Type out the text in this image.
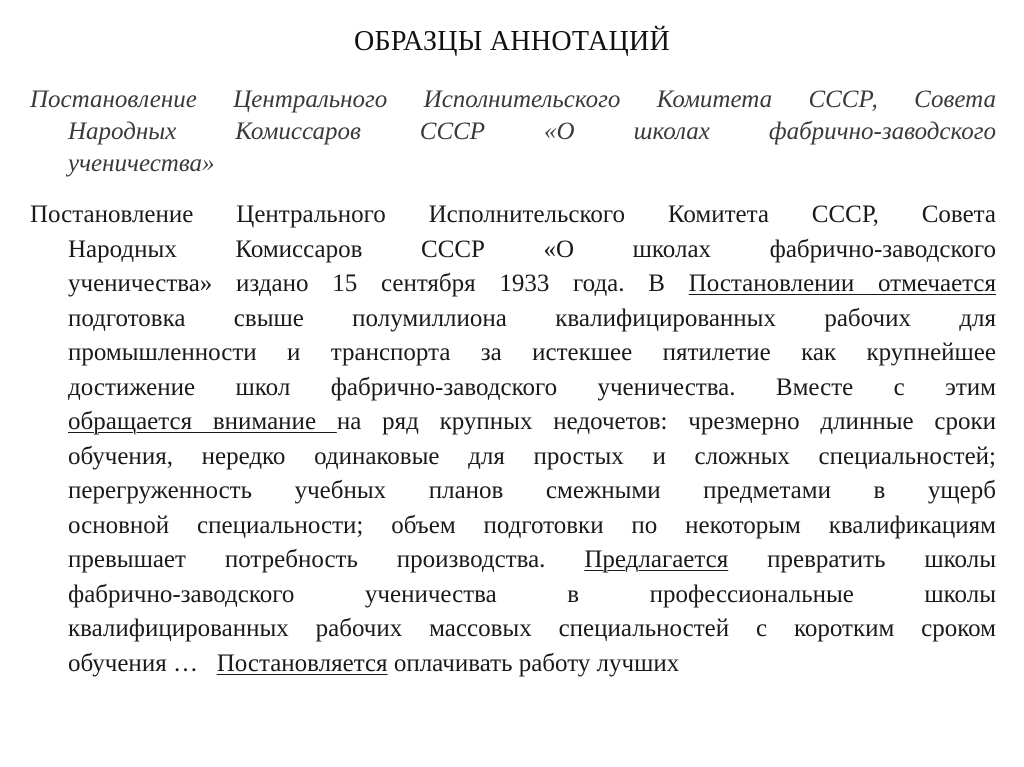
ОБРАЗЦЫ АННОТАЦИЙ
Постановление Центрального Исполнительского Комитета СССР, Совета
Народных Комиссаров СССР «О школах фабрично-заводского
ученичества»
Постановление Центрального Исполнительского Комитета СССР, Совета
Народных Комиссаров СССР «О школах фабрично-заводского
ученичества» издано 15 сентября 1933 года. В Постановлении отмечается
подготовка свыше полумиллиона квалифицированных рабочих для
промышленности и транспорта за истекшее пятилетие как крупнейшее
достижение школ фабрично-заводского ученичества. Вместе с этим
обращается внимание на ряд крупных недочетов: чрезмерно длинные сроки
обучения, нередко одинаковые для простых и сложных специальностей;
перегруженность учебных планов смежными предметами в ущерб
основной специальности; объем подготовки по некоторым квалификациям
превышает потребность производства. Предлагается превратить школы
фабрично-заводского ученичества в профессиональные школы
квалифицированных рабочих массовых специальностей с коротким сроком
обучения …   Постановляется оплачивать работу лучших
